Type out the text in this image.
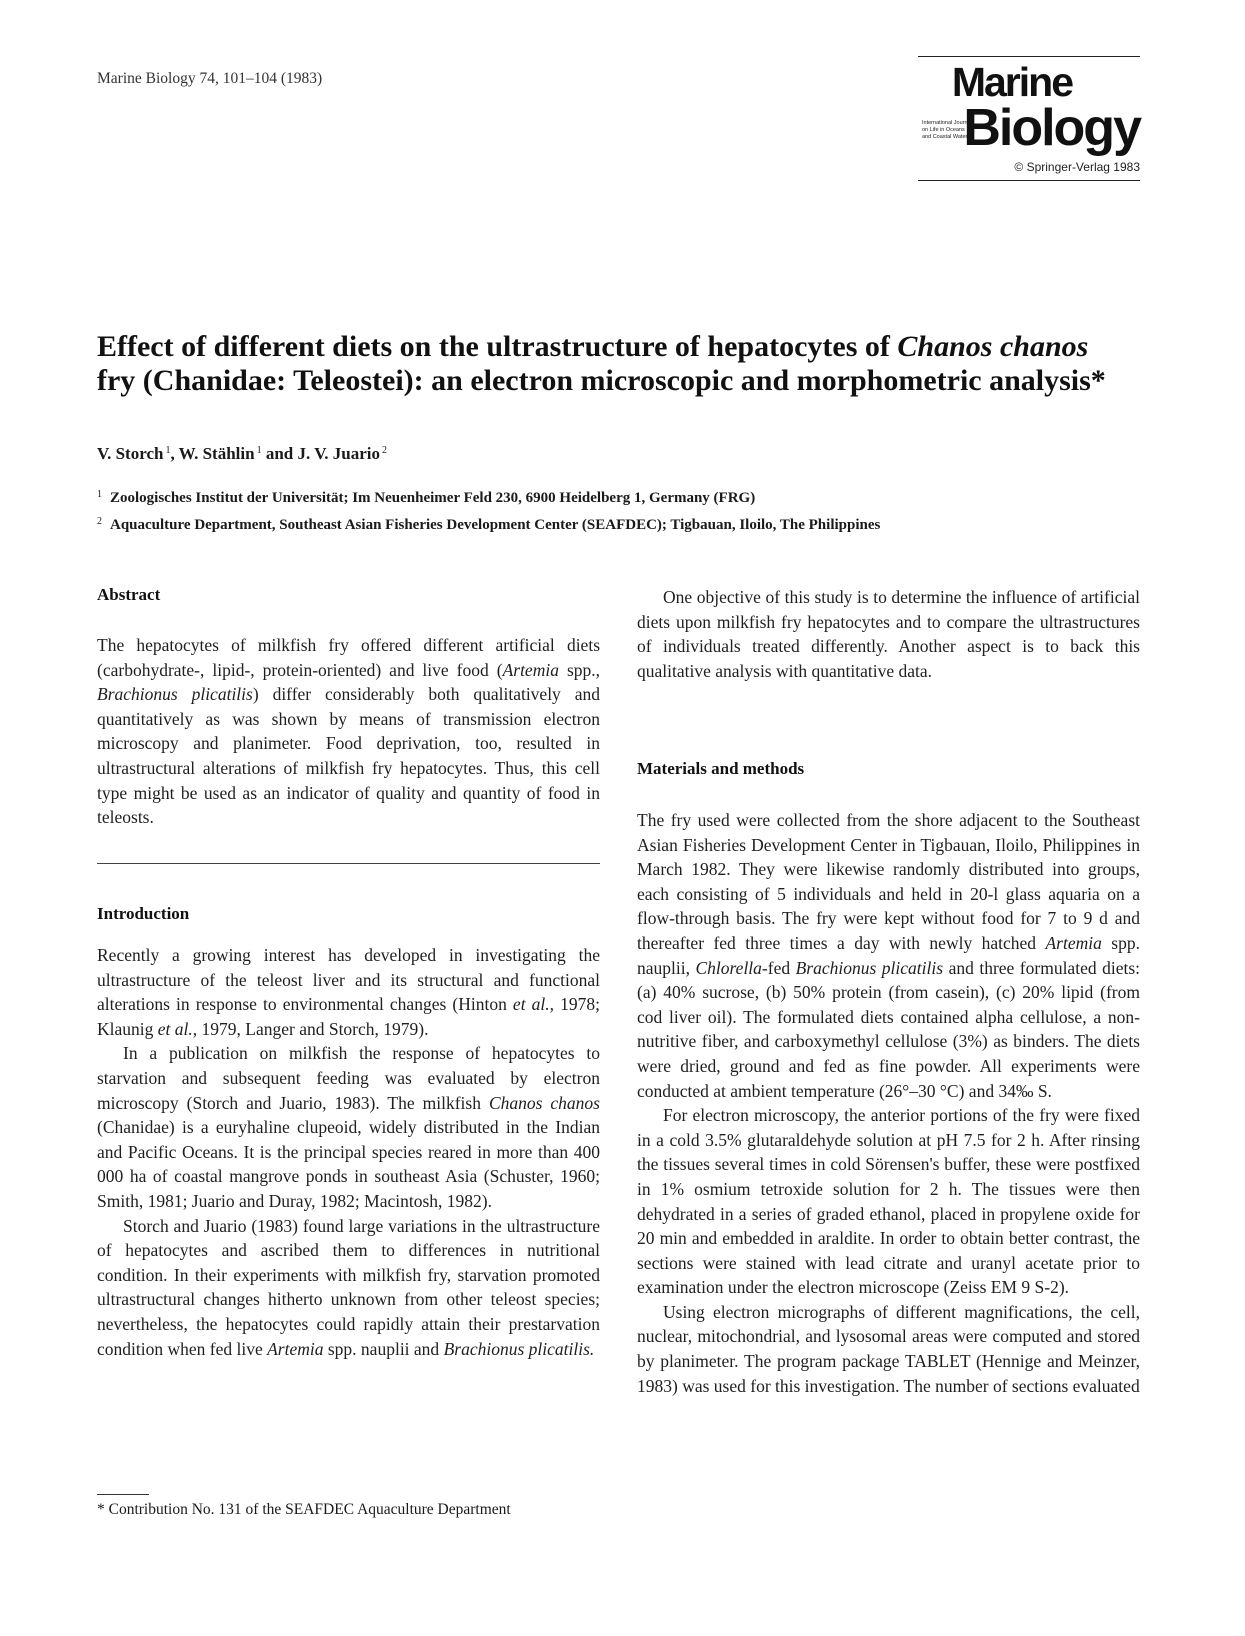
Marine Biology 74, 101–104 (1983)	Marine
International Journal
on Life in Oceans
and Coastal Waters
Biology
© Springer-Verlag 1983
Effect of different diets on the ultrastructure of hepatocytes of Chanos chanos
fry (Chanidae: Teleostei): an electron microscopic and morphometric analysis*
V. Storch $^1$, W. Stählin $^1$ and J. V. Juario $^2$
$^1$ Zoologisches Institut der Universität; Im Neuenheimer Feld 230, 6900 Heidelberg 1, Germany (FRG)
$^2$ Aquaculture Department, Southeast Asian Fisheries Development Center (SEAFDEC); Tigbauan, Iloilo, The Philippines
Abstract

The hepatocytes of milkfish fry offered different artificial diets (carbohydrate-, lipid-, protein-oriented) and live food (Artemia spp., Brachionus plicatilis) differ considerably both qualitatively and quantitatively as was shown by means of transmission electron microscopy and planimeter. Food deprivation, too, resulted in ultrastructural alterations of milkfish fry hepatocytes. Thus, this cell type might be used as an indicator of quality and quantity of food in teleosts.

Introduction

Recently a growing interest has developed in investigating the ultrastructure of the teleost liver and its structural and functional alterations in response to environmental changes (Hinton et al., 1978; Klaunig et al., 1979, Langer and Storch, 1979).

In a publication on milkfish the response of hepatocytes to starvation and subsequent feeding was evaluated by electron microscopy (Storch and Juario, 1983). The milkfish Chanos chanos (Chanidae) is a euryhaline clupeoid, widely distributed in the Indian and Pacific Oceans. It is the principal species reared in more than 400 000 ha of coastal mangrove ponds in southeast Asia (Schuster, 1960; Smith, 1981; Juario and Duray, 1982; Macintosh, 1982).

Storch and Juario (1983) found large variations in the ultrastructure of hepatocytes and ascribed them to differences in nutritional condition. In their experiments with milkfish fry, starvation promoted ultrastructural changes hitherto unknown from other teleost species; nevertheless, the hepatocytes could rapidly attain their prestarvation condition when fed live Artemia spp. nauplii and Brachionus plicatilis.

* Contribution No. 131 of the SEAFDEC Aquaculture Department

One objective of this study is to determine the influence of artificial diets upon milkfish fry hepatocytes and to compare the ultrastructures of individuals treated differently. Another aspect is to back this qualitative analysis with quantitative data.

Materials and methods

The fry used were collected from the shore adjacent to the Southeast Asian Fisheries Development Center in Tigbauan, Iloilo, Philippines in March 1982. They were likewise randomly distributed into groups, each consisting of 5 individuals and held in 20-l glass aquaria on a flow-through basis. The fry were kept without food for 7 to 9 d and thereafter fed three times a day with newly hatched Artemia spp. nauplii, Chlorella-fed Brachionus plicatilis and three formulated diets: (a) 40% sucrose, (b) 50% protein (from casein), (c) 20% lipid (from cod liver oil). The formulated diets contained alpha cellulose, a non-nutritive fiber, and carboxymethyl cellulose (3%) as binders. The diets were dried, ground and fed as fine powder. All experiments were conducted at ambient temperature (26°–30 °C) and 34‰ S.

For electron microscopy, the anterior portions of the fry were fixed in a cold 3.5% glutaraldehyde solution at pH 7.5 for 2 h. After rinsing the tissues several times in cold Sörensen's buffer, these were postfixed in 1% osmium tetroxide solution for 2 h. The tissues were then dehydrated in a series of graded ethanol, placed in propylene oxide for 20 min and embedded in araldite. In order to obtain better contrast, the sections were stained with lead citrate and uranyl acetate prior to examination under the electron microscope (Zeiss EM 9 S-2).

Using electron micrographs of different magnifications, the cell, nuclear, mitochondrial, and lysosomal areas were computed and stored by planimeter. The program package TABLET (Hennige and Meinzer, 1983) was used for this investigation. The number of sections evaluated
